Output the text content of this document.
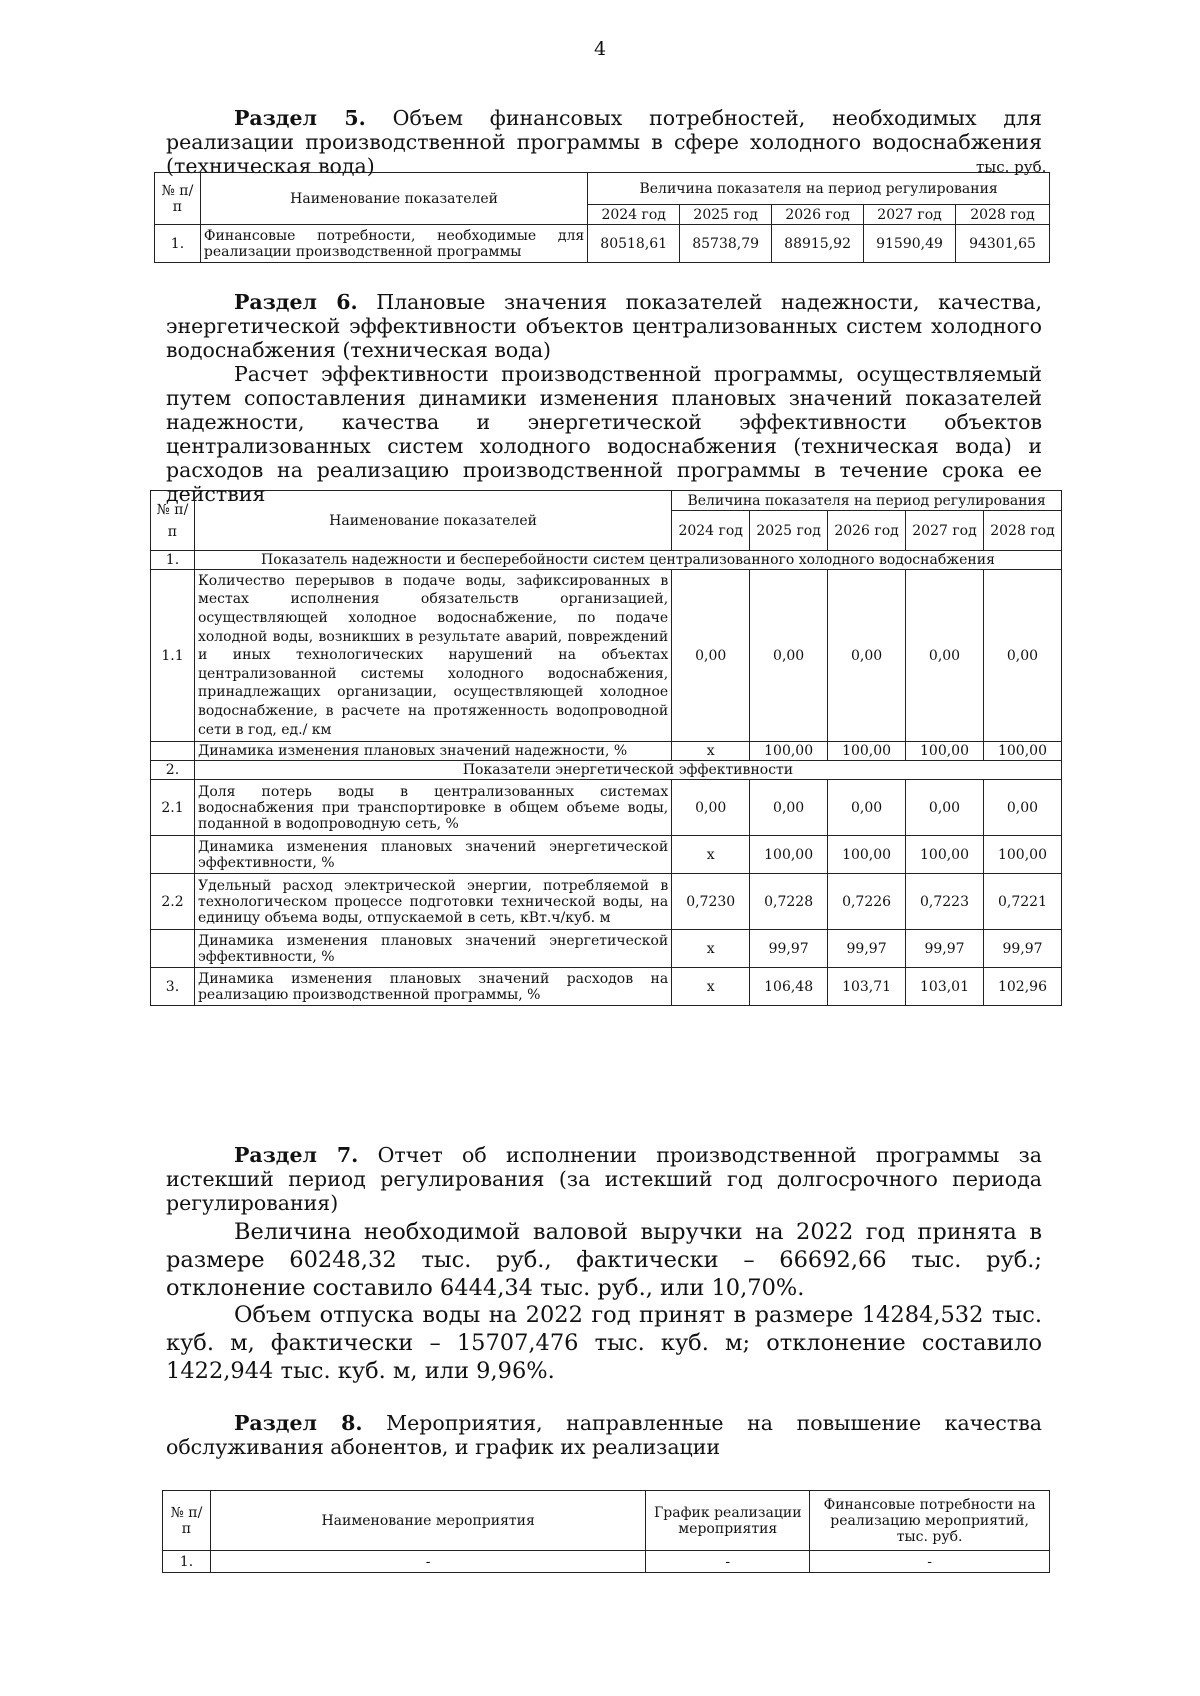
4
Раздел 5. Объем финансовых потребностей, необходимых для реализации производственной программы в сфере холодного водоснабжения (техническая вода)	тыс. руб.
№ п/п	Наименование показателей	Величина показателя на период регулирования				
		2024 год	2025 год	2026 год	2027 год	2028 год
1.	Финансовые потребности, необходимые для реализации производственной программы	80518,61	85738,79	88915,92	91590,49	94301,65
Раздел 6. Плановые значения показателей надежности, качества, энергетической эффективности объектов централизованных систем холодного водоснабжения (техническая вода)
Расчет эффективности производственной программы, осуществляемый путем сопоставления динамики изменения плановых значений показателей надежности, качества и энергетической эффективности объектов централизованных систем холодного водоснабжения (техническая вода) и расходов на реализацию производственной программы в течение срока ее действия
№ п/ п	Наименование показателей	Величина показателя на период регулирования				
		2024 год	2025 год	2026 год	2027 год	2028 год
1.	Показатель надежности и бесперебойности систем централизованного холодного водоснабжения					
1.1	Количество перерывов в подаче воды, зафиксированных в местах исполнения обязательств организацией, осуществляющей холодное водоснабжение, по подаче холодной воды, возникших в результате аварий, повреждений и иных технологических нарушений на объектах централизованной системы холодного водоснабжения, принадлежащих организации, осуществляющей холодное водоснабжение, в расчете на протяженность водопроводной сети в год, ед./ км	0,00	0,00	0,00	0,00	0,00
	Динамика изменения плановых значений надежности, %	х	100,00	100,00	100,00	100,00
2.	Показатели энергетической эффективности					
2.1	Доля потерь воды в централизованных системах водоснабжения при транспортировке в общем объеме воды, поданной в водопроводную сеть, %	0,00	0,00	0,00	0,00	0,00
	Динамика изменения плановых значений энергетической эффективности, %	х	100,00	100,00	100,00	100,00
2.2	Удельный расход электрической энергии, потребляемой в технологическом процессе подготовки технической воды, на единицу объема воды, отпускаемой в сеть, кВт.ч/куб. м	0,7230	0,7228	0,7226	0,7223	0,7221
	Динамика изменения плановых значений энергетической эффективности, %	х	99,97	99,97	99,97	99,97
3.	Динамика изменения плановых значений расходов на реализацию производственной программы, %	х	106,48	103,71	103,01	102,96
Раздел 7. Отчет об исполнении производственной программы за истекший период регулирования (за истекший год долгосрочного периода регулирования)
Величина необходимой валовой выручки на 2022 год принята в размере 60248,32 тыс. руб., фактически – 66692,66 тыс. руб.; отклонение составило 6444,34 тыс. руб., или 10,70%.
Объем отпуска воды на 2022 год принят в размере 14284,532 тыс. куб. м, фактически – 15707,476 тыс. куб. м; отклонение составило 1422,944 тыс. куб. м, или 9,96%.
Раздел 8. Мероприятия, направленные на повышение качества обслуживания абонентов, и график их реализации
№ п/п	Наименование мероприятия	График реализации мероприятия	Финансовые потребности на реализацию мероприятий, тыс. руб.
1.	-	-	-
